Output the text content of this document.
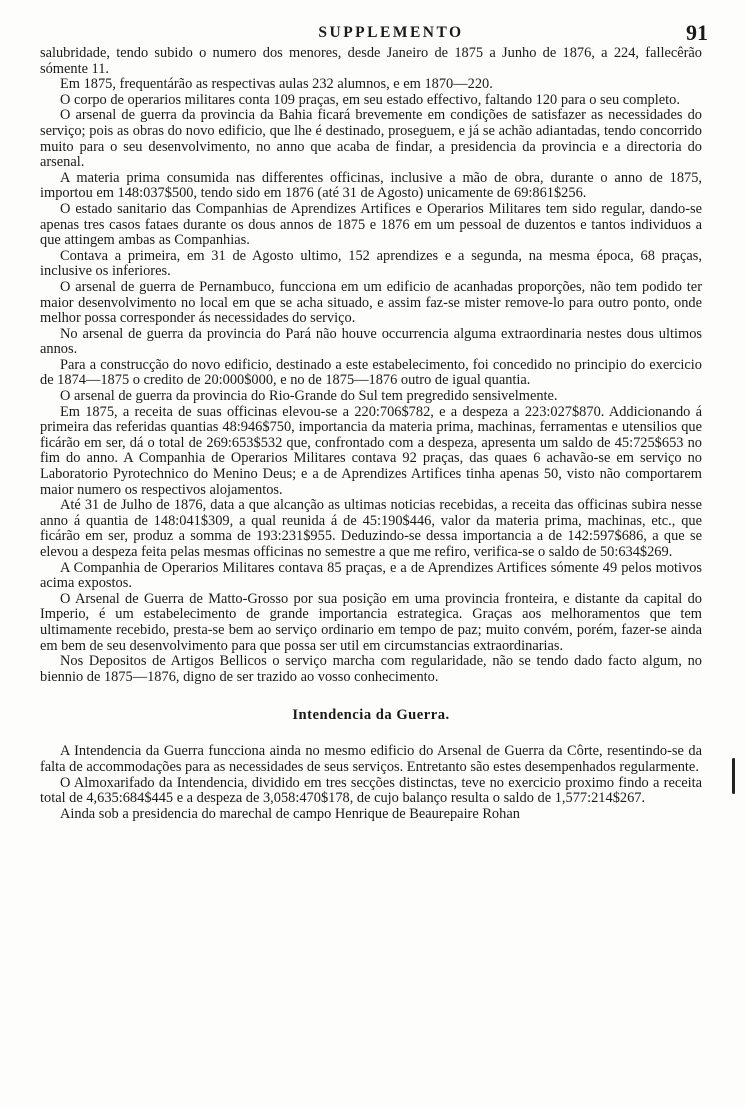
SUPPLEMENTO	91

salubridade, tendo subido o numero dos menores, desde Janeiro de 1875 a Junho de 1876, a 224, fallecêrão sómente 11.

Em 1875, frequentárão as respectivas aulas 232 alumnos, e em 1870—220.

O corpo de operarios militares conta 109 praças, em seu estado effectivo, faltando 120 para o seu completo.

O arsenal de guerra da provincia da Bahia ficará brevemente em condições de satisfazer as necessidades do serviço; pois as obras do novo edificio, que lhe é destinado, proseguem, e já se achão adiantadas, tendo concorrido muito para o seu desenvolvimento, no anno que acaba de findar, a presidencia da provincia e a directoria do arsenal.

A materia prima consumida nas differentes officinas, inclusive a mão de obra, durante o anno de 1875, importou em 148:037$500, tendo sido em 1876 (até 31 de Agosto) unicamente de 69:861$256.

O estado sanitario das Companhias de Aprendizes Artifices e Operarios Militares tem sido regular, dando-se apenas tres casos fataes durante os dous annos de 1875 e 1876 em um pessoal de duzentos e tantos individuos a que attingem ambas as Companhias.

Contava a primeira, em 31 de Agosto ultimo, 152 aprendizes e a segunda, na mesma época, 68 praças, inclusive os inferiores.

O arsenal de guerra de Pernambuco, funcciona em um edificio de acanhadas proporções, não tem podido ter maior desenvolvimento no local em que se acha situado, e assim faz-se mister remove-lo para outro ponto, onde melhor possa corresponder ás necessidades do serviço.

No arsenal de guerra da provincia do Pará não houve occurrencia alguma extraordinaria nestes dous ultimos annos.

Para a construcção do novo edificio, destinado a este estabelecimento, foi concedido no principio do exercicio de 1874—1875 o credito de 20:000$000, e no de 1875—1876 outro de igual quantia.

O arsenal de guerra da provincia do Rio-Grande do Sul tem pregredido sensivelmente.

Em 1875, a receita de suas officinas elevou-se a 220:706$782, e a despeza a 223:027$870. Addicionando á primeira das referidas quantias 48:946$750, importancia da materia prima, machinas, ferramentas e utensilios que ficárão em ser, dá o total de 269:653$532 que, confrontado com a despeza, apresenta um saldo de 45:725$653 no fim do anno. A Companhia de Operarios Militares contava 92 praças, das quaes 6 achavão-se em serviço no Laboratorio Pyrotechnico do Menino Deus; e a de Aprendizes Artifices tinha apenas 50, visto não comportarem maior numero os respectivos alojamentos.

Até 31 de Julho de 1876, data a que alcanção as ultimas noticias recebidas, a receita das officinas subira nesse anno á quantia de 148:041$309, a qual reunida á de 45:190$446, valor da materia prima, machinas, etc., que ficárão em ser, produz a somma de 193:231$955. Deduzindo-se dessa importancia a de 142:597$686, a que se elevou a despeza feita pelas mesmas officinas no semestre a que me refiro, verifica-se o saldo de 50:634$269.

A Companhia de Operarios Militares contava 85 praças, e a de Aprendizes Artifices sómente 49 pelos motivos acima expostos.

O Arsenal de Guerra de Matto-Grosso por sua posição em uma provincia fronteira, e distante da capital do Imperio, é um estabelecimento de grande importancia estrategica. Graças aos melhoramentos que tem ultimamente recebido, presta-se bem ao serviço ordinario em tempo de paz; muito convém, porém, fazer-se ainda em bem de seu desenvolvimento para que possa ser util em circumstancias extraordinarias.

Nos Depositos de Artigos Bellicos o serviço marcha com regularidade, não se tendo dado facto algum, no biennio de 1875—1876, digno de ser trazido ao vosso conhecimento.

Intendencia da Guerra.

A Intendencia da Guerra funcciona ainda no mesmo edificio do Arsenal de Guerra da Côrte, resentindo-se da falta de accommodações para as necessidades de seus serviços. Entretanto são estes desempenhados regularmente.

O Almoxarifado da Intendencia, dividido em tres secções distinctas, teve no exercicio proximo findo a receita total de 4,635:684$445 e a despeza de 3,058:470$178, de cujo balanço resulta o saldo de 1,577:214$267.

Ainda sob a presidencia do marechal de campo Henrique de Beaurepaire Rohan
